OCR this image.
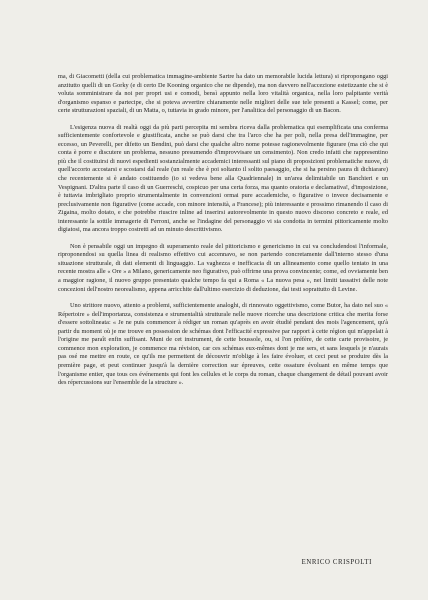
ma, di Giacometti (della cui problematica immagine-ambiente Sartre ha dato un memorabile lucida lettura) si ripropongano oggi anzitutto quelli di un Gorky (e di certo De Kooning organico che ne dipende), ma non davvero nell'accezione estetizzante che si è voluta somministrare da noi per propri usi e comodi, bensì appunto nella loro vitalità organica, nella loro palpitante verità d'organismo espanso e partecipe, che si poteva avvertire chiaramente nelle migliori delle sue tele presenti a Kassel; come, per certe strutturazioni spaziali, di un Matta, o, tuttavia in grado minore, per l'analitica del personaggio di un Bacon.

L'esigenza nuova di realtà oggi da più parti percepita mi sembra riceva dalla problematica qui esemplificata una conferma sufficientemente confortevole e giustificata, anche se può darsi che tra l'arco che ha per poli, nella presa dell'immagine, per eccesso, un Peverelli, per difetto un Bendini, può darsi che qualche altro nome potesse ragionevolmente figurare (ma ciò che qui conta è porre e discutere un problema, nessuno presumendo d'improvvisare un censimento). Non credo infatti che rappresentino più che il costituirsi di nuovi espedienti sostanzialmente accademici interessanti sul piano di proposizioni problematiche nuove, di quell'accorto accostarsi e scostarsi dal reale (un reale che è poi soltanto il solito paesaggio, che si ha persino paura di dichiarare) che recentemente si è andato costituendo (io si vedeva bene alla Quadriennale) in un'area delimitabile un Banchieri e un Vespignani. D'altra parte il caso di un Guerreschi, cospicuo per una certa forza, ma quanto oratoria e declamativa!, d'imposizione, è tuttavia imbrigliato proprio strumentalmente in convenzioni ormai pure accademiche, o figurative o invece decisamente e preclusivamente non figurative (come accade, con minore intensità, a Francese); più interessante e prossimo rimanendo il caso di Zigaina, molto dotato, e che potrebbe riuscire inline ad inserirsi autorevolmente in questo nuovo discorso concreto e reale, ed interessante la sottile immagerie di Ferroni, anche se l'indagine del personaggio vi sia condotta in termini pittoricamente molto digiatosi, ma ancora troppo costretti ad un minuto descrittivismo.

Non è pensabile oggi un impegno di superamento reale del pittoricismo e genericismo in cui va concludendosi l'informale, riproponendosi su quella linea di realismo effettivo cui accennavo, se non partendo concretamente dall'interno stesso d'una situazione strutturale, di dati elementi di linguaggio. La vaghezza e inefficacia di un allineamento come quello tentato in una recente mostra alle « Ore » a Milano, genericamente neo figurativo, può offrirne una prova convincente; come, ed ovviamente ben a maggior ragione, il nuovo gruppo presentato qualche tempo fa qui a Roma « La nuova pesa », nei limiti tassativi delle note concezioni dell'nostro neorealismo, appena arricchite dall'ultimo esercizio di deduzione, dai testi soprattutto di Levine.

Uno strittore nuovo, attento a problemi, sufficientemente analoghi, di rinnovato oggettivismo, come Butor, ha dato nel suo « Répertoire » dell'importanza, consistenza e strumentalità strutturale nelle nuove ricerche una descrizione critica che merita forse d'essere sottolineata: « Je ne puis commencer à rédiger un roman qu'après en avoir étudié pendant des mois l'agencement, qu'à partir du moment où je me trouve en possession de schémas dont l'efficacité expressive par rapport à cette région qui m'appelait à l'origine me paraît enfin suffisant. Muni de cet instrument, de cette boussole, ou, si l'on préfère, de cette carte provisoire, je commence mon exploration, je commence ma révision, car ces schémas eux-mêmes dont je me sers, et sans lesquels je n'aurais pas osé me mettre en route, ce qu'ils me permettent de découvrir m'oblige à les faire évoluer, et ceci peut se produire dès la première page, et peut continuer jusqu'à la dernière correction sur épreuves, cette ossature évoluant en même temps que l'organisme entier, que tous ces événements qui font les cellules et le corps du roman, chaque changement de détail pouvant avoir des répercussions sur l'ensemble de la structure ».

ENRICO CRISPOLTI
